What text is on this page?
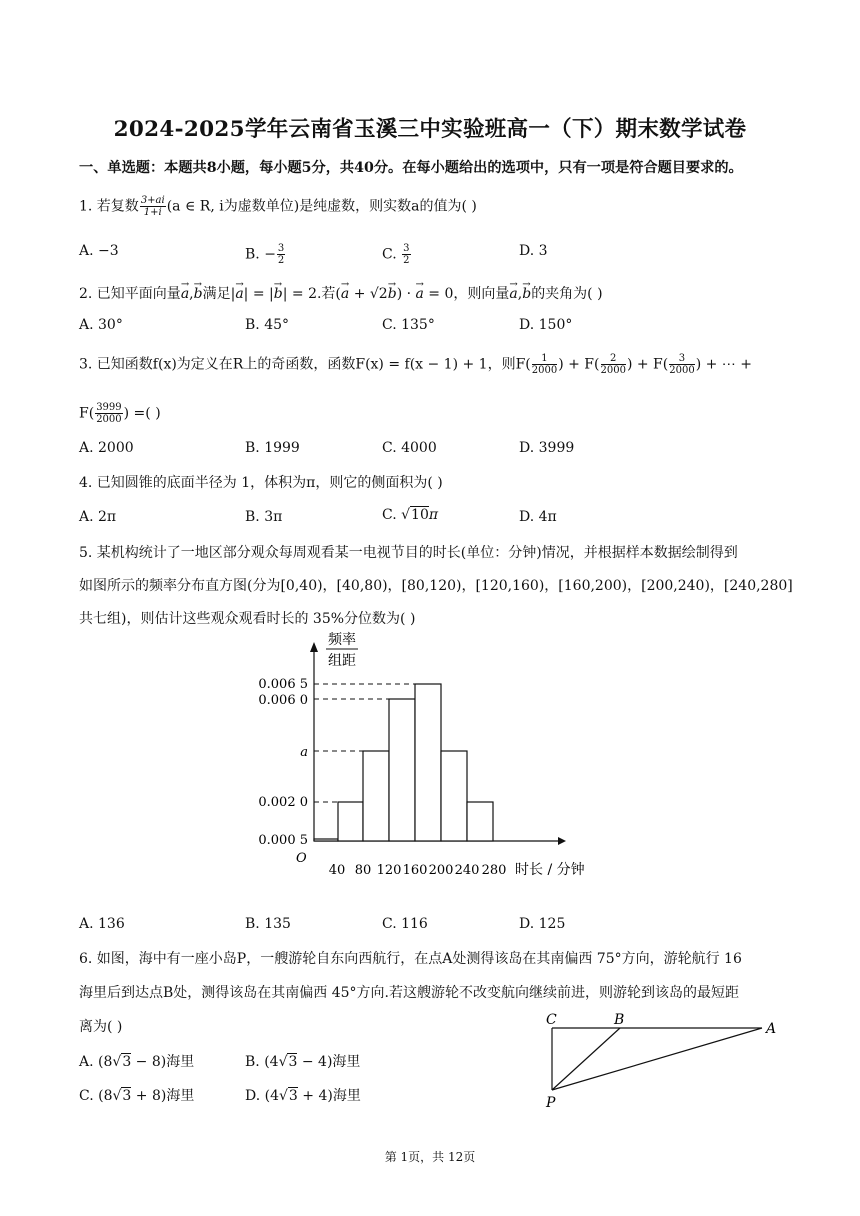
2024-2025学年云南省玉溪三中实验班高一（下）期末数学试卷
一、单选题：本题共8小题，每小题5分，共40分。在每小题给出的选项中，只有一项是符合题目要求的。
1. 若复数 $\frac{3+ai}{1+i} (a$ ∈ R, i为虚数单位)是纯虚数，则实数a的值为( )
A. −3	B. − $\frac{3}{2}$	C. $\frac{3}{2}$	D. 3
2. 已知平面向量→ a,→ b满足|→ a| = |→ b| = 2.若(→ a + √2→ b) · → a = 0，则向量→ a,→ b的夹角为( )
A. 30°	B. 45°	C. 135°	D. 150°
3. 已知函数f(x)为定义在R上的奇函数，函数F(x) = f(x − 1) + 1，则$F( \frac{1}{2000}$ ) + $F( \frac{2}{2000}$ ) + $F( \frac{3}{2000}$ ) + ⋯ +
$F( \frac{3999}{2000}$ ) =( )
A. 2000	B. 1999	C. 4000	D. 3999
4. 已知圆锥的底面半径为 1，体积为π，则它的侧面积为( )
A. 2π	B. 3π	C. √10π	D. 4π
5. 某机构统计了一地区部分观众每周观看某一电视节目的时长(单位：分钟)情况，并根据样本数据绘制得到
如图所示的频率分布直方图(分为[0,40)，[40,80)，[80,120)，[120,160)，[160,200)，[200,240)，[240,280]
共七组)，则估计这些观众观看时长的 35%分位数为( )
频率
组距
0.006 5
0.006 0
a
0.002 0
0.000 5
O
40 80 120 160 200 240 280 时长 / 分钟
A. 136	B. 135	C. 116	D. 125
6. 如图，海中有一座小岛P，一艘游轮自东向西航行，在点A处测得该岛在其南偏西 75°方向，游轮航行 16
海里后到达点B处，测得该岛在其南偏西 45°方向.若这艘游轮不改变航向继续前进，则游轮到该岛的最短距
离为( )
A. (8√3 − 8)海里	B. (4√3 − 4)海里
C. (8√3 + 8)海里	D. (4√3 + 4)海里
C	B
A
P
第 1页，共 12页
